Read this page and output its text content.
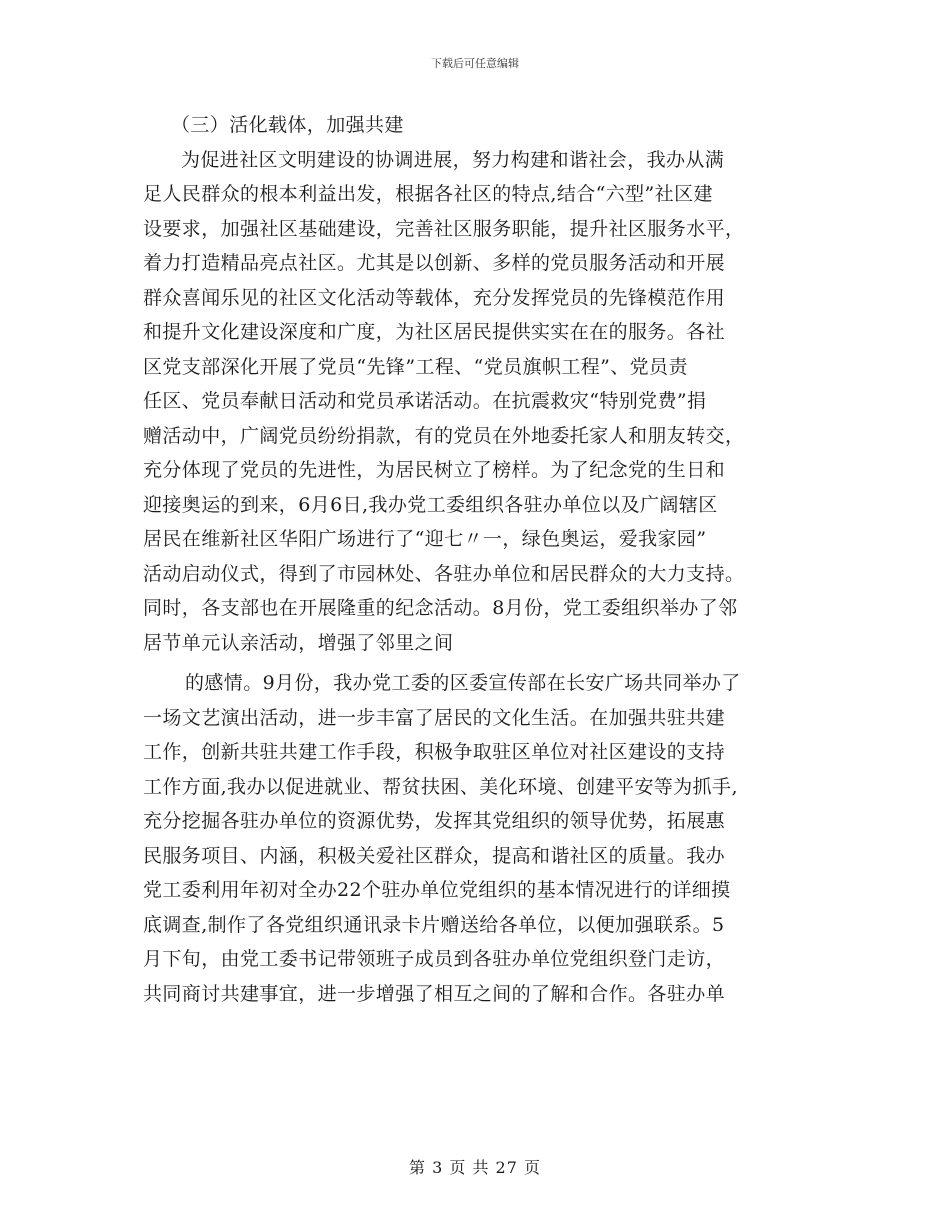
下载后可任意编辑
（三）活化载体，加强共建
为促进社区文明建设的协调进展，努力构建和谐社会，我办从满
足人民群众的根本利益出发，根据各社区的特点,结合“六型”社区建
设要求，加强社区基础建设，完善社区服务职能，提升社区服务水平，
着力打造精品亮点社区。尤其是以创新、多样的党员服务活动和开展
群众喜闻乐见的社区文化活动等载体，充分发挥党员的先锋模范作用
和提升文化建设深度和广度，为社区居民提供实实在在的服务。各社
区党支部深化开展了党员“先锋”工程、“党员旗帜工程”、党员责
任区、党员奉献日活动和党员承诺活动。在抗震救灾“特别党费”捐
赠活动中，广阔党员纷纷捐款，有的党员在外地委托家人和朋友转交，
充分体现了党员的先进性，为居民树立了榜样。为了纪念党的生日和
迎接奥运的到来，6月6日,我办党工委组织各驻办单位以及广阔辖区
居民在维新社区华阳广场进行了“迎七〃一，绿色奥运，爱我家园”
活动启动仪式，得到了市园林处、各驻办单位和居民群众的大力支持。
同时，各支部也在开展隆重的纪念活动。8月份，党工委组织举办了邻
居节单元认亲活动，增强了邻里之间
的感情。9月份，我办党工委的区委宣传部在长安广场共同举办了
一场文艺演出活动，进一步丰富了居民的文化生活。在加强共驻共建
工作，创新共驻共建工作手段，积极争取驻区单位对社区建设的支持
工作方面,我办以促进就业、帮贫扶困、美化环境、创建平安等为抓手,
充分挖掘各驻办单位的资源优势，发挥其党组织的领导优势，拓展惠
民服务项目、内涵，积极关爱社区群众，提高和谐社区的质量。我办
党工委利用年初对全办22个驻办单位党组织的基本情况进行的详细摸
底调查,制作了各党组织通讯录卡片赠送给各单位，以便加强联系。5
月下旬，由党工委书记带领班子成员到各驻办单位党组织登门走访，
共同商讨共建事宜，进一步增强了相互之间的了解和合作。各驻办单
第 3 页 共 27 页
